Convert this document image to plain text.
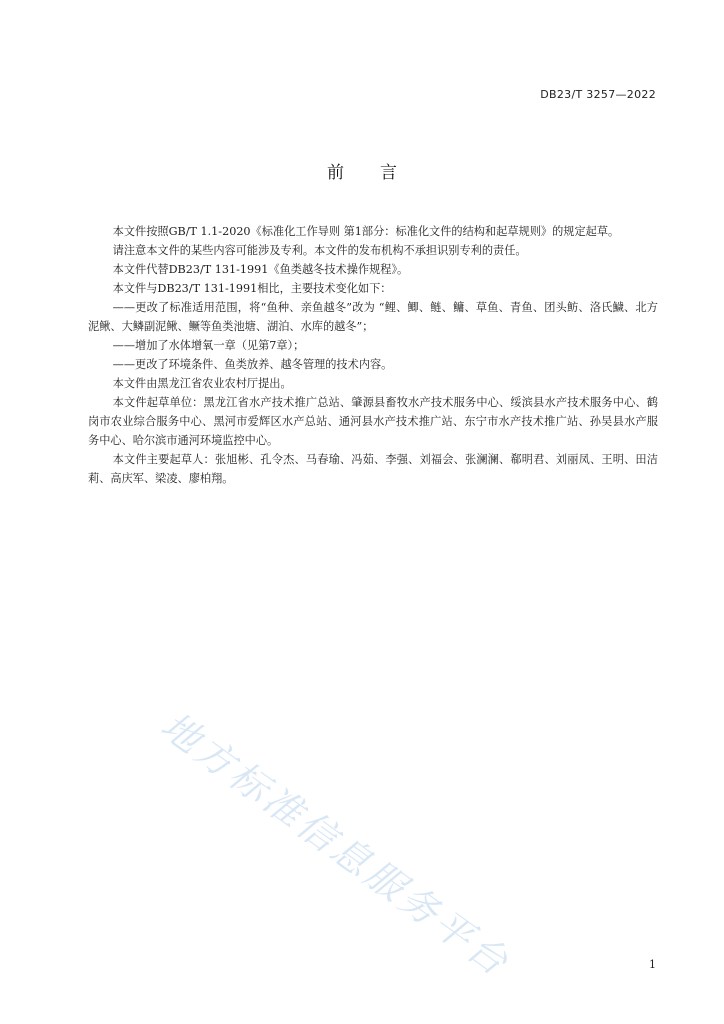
DB23/T 3257—2022
前言

本文件按照GB/T 1.1-2020《标准化工作导则 第1部分：标准化文件的结构和起草规则》的规定起草。

请注意本文件的某些内容可能涉及专利。本文件的发布机构不承担识别专利的责任。

本文件代替DB23/T 131-1991《鱼类越冬技术操作规程》。

本文件与DB23/T 131-1991相比，主要技术变化如下：

——更改了标准适用范围，将“鱼种、亲鱼越冬”改为 “鲤、鲫、鲢、鳙、草鱼、青鱼、团头鲂、洛氏鱥、北方泥鳅、大鳞副泥鳅、鳜等鱼类池塘、湖泊、水库的越冬”；

——增加了水体增氧一章（见第7章）；

——更改了环境条件、鱼类放养、越冬管理的技术内容。

本文件由黑龙江省农业农村厅提出。

本文件起草单位：黑龙江省水产技术推广总站、肇源县畜牧水产技术服务中心、绥滨县水产技术服务中心、鹤岗市农业综合服务中心、黑河市爱辉区水产总站、通河县水产技术推广站、东宁市水产技术推广站、孙吴县水产服务中心、哈尔滨市通河环境监控中心。

本文件主要起草人：张旭彬、孔令杰、马春瑜、冯茹、李强、刘福会、张澜澜、郗明君、刘丽凤、王明、田洁莉、高庆军、梁凌、廖柏翔。

地方标准信息服务平台	1
